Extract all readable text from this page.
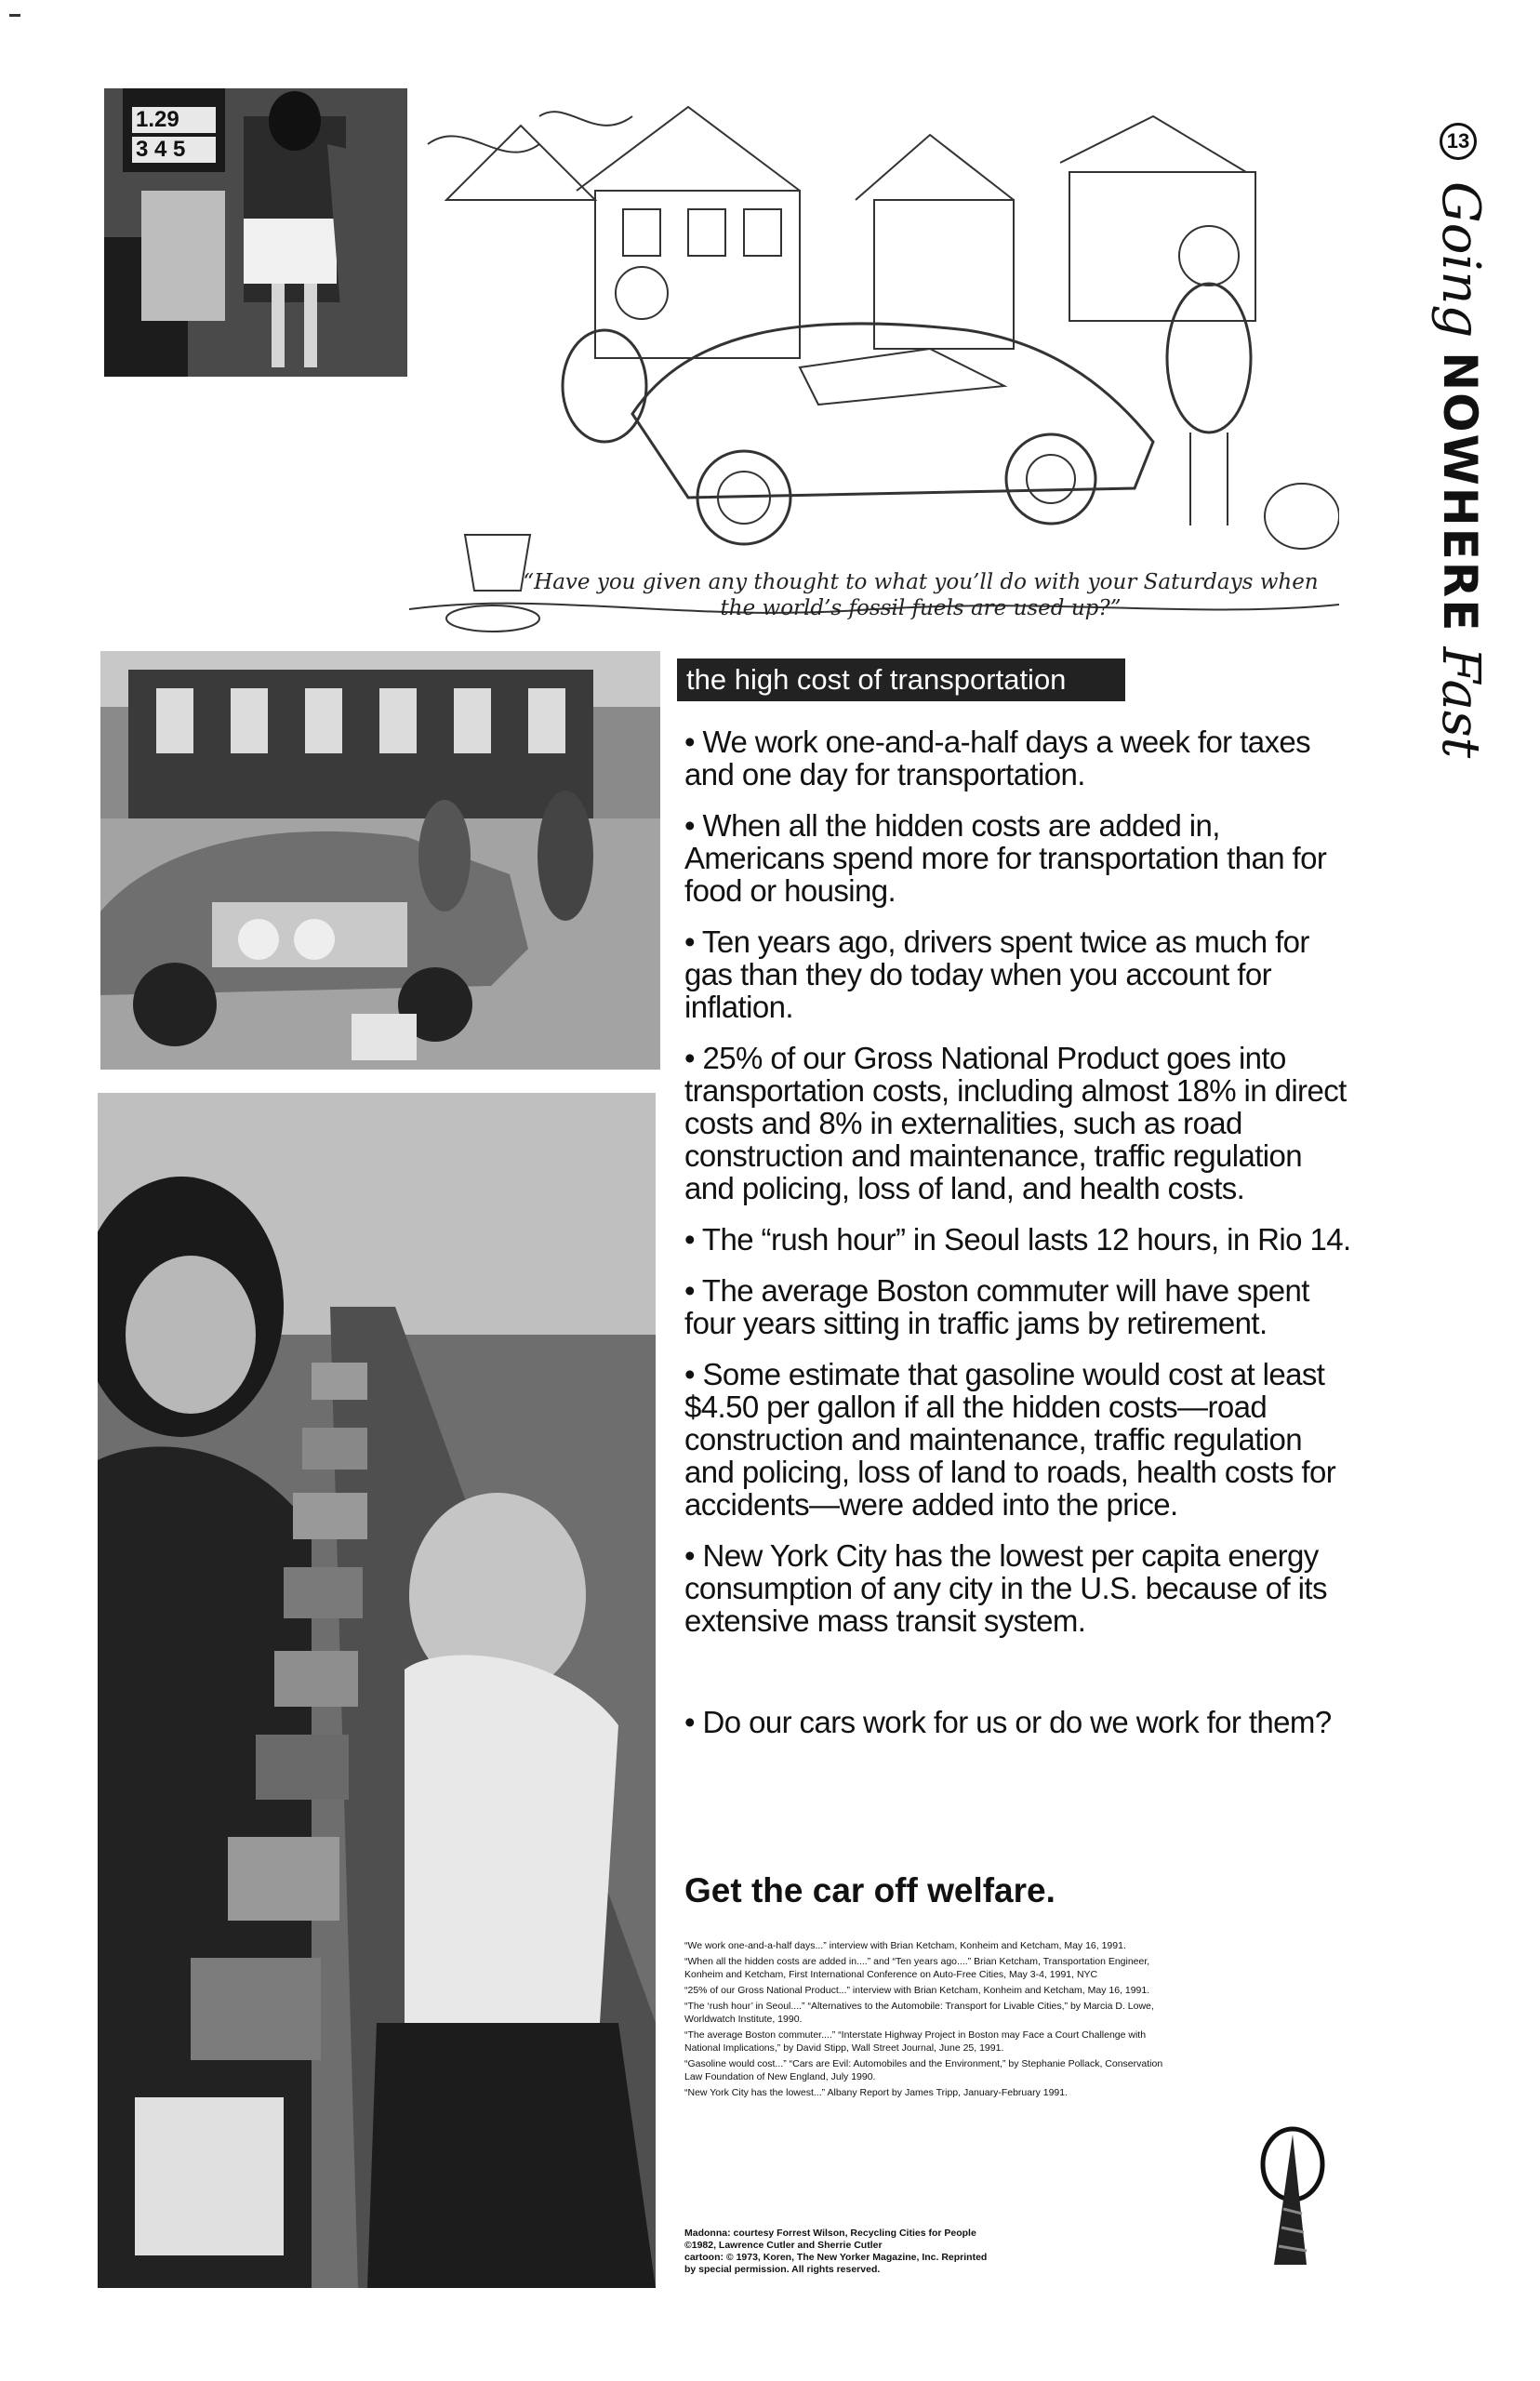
1.29
3 4 5
“Have you given any thought to what you’ll do with your Saturdays when the world’s fossil fuels are used up?”
13
Going NOWHERE Fast
the high cost of transportation

• We work one-and-a-half days a week for taxes and one day for transportation.

• When all the hidden costs are added in, Americans spend more for transportation than for food or housing.

• Ten years ago, drivers spent twice as much for gas than they do today when you account for inflation.

• 25% of our Gross National Product goes into transportation costs, including almost 18% in direct costs and 8% in externalities, such as road construction and maintenance, traffic regulation and policing, loss of land, and health costs.

• The “rush hour” in Seoul lasts 12 hours, in Rio 14.

• The average Boston commuter will have spent four years sitting in traffic jams by retirement.

• Some estimate that gasoline would cost at least $4.50 per gallon if all the hidden costs—road construction and maintenance, traffic regulation and policing, loss of land to roads, health costs for accidents—were added into the price.

• New York City has the lowest per capita energy consumption of any city in the U.S. because of its extensive mass transit system.

• Do our cars work for us or do we work for them?

Get the car off welfare.

“We work one-and-a-half days...” interview with Brian Ketcham, Konheim and Ketcham, May 16, 1991.

“When all the hidden costs are added in....” and “Ten years ago....” Brian Ketcham, Transportation Engineer, Konheim and Ketcham, First International Conference on Auto-Free Cities, May 3-4, 1991, NYC

“25% of our Gross National Product...” interview with Brian Ketcham, Konheim and Ketcham, May 16, 1991.

“The ‘rush hour’ in Seoul....” “Alternatives to the Automobile: Transport for Livable Cities,” by Marcia D. Lowe, Worldwatch Institute, 1990.

“The average Boston commuter....” “Interstate Highway Project in Boston may Face a Court Challenge with National Implications,” by David Stipp, Wall Street Journal, June 25, 1991.

“Gasoline would cost...” “Cars are Evil: Automobiles and the Environment,” by Stephanie Pollack, Conservation Law Foundation of New England, July 1990.

“New York City has the lowest...” Albany Report by James Tripp, January-February 1991.

Madonna: courtesy Forrest Wilson, Recycling Cities for People

©1982, Lawrence Cutler and Sherrie Cutler

cartoon: © 1973, Koren, The New Yorker Magazine, Inc. Reprinted

by special permission. All rights reserved.
